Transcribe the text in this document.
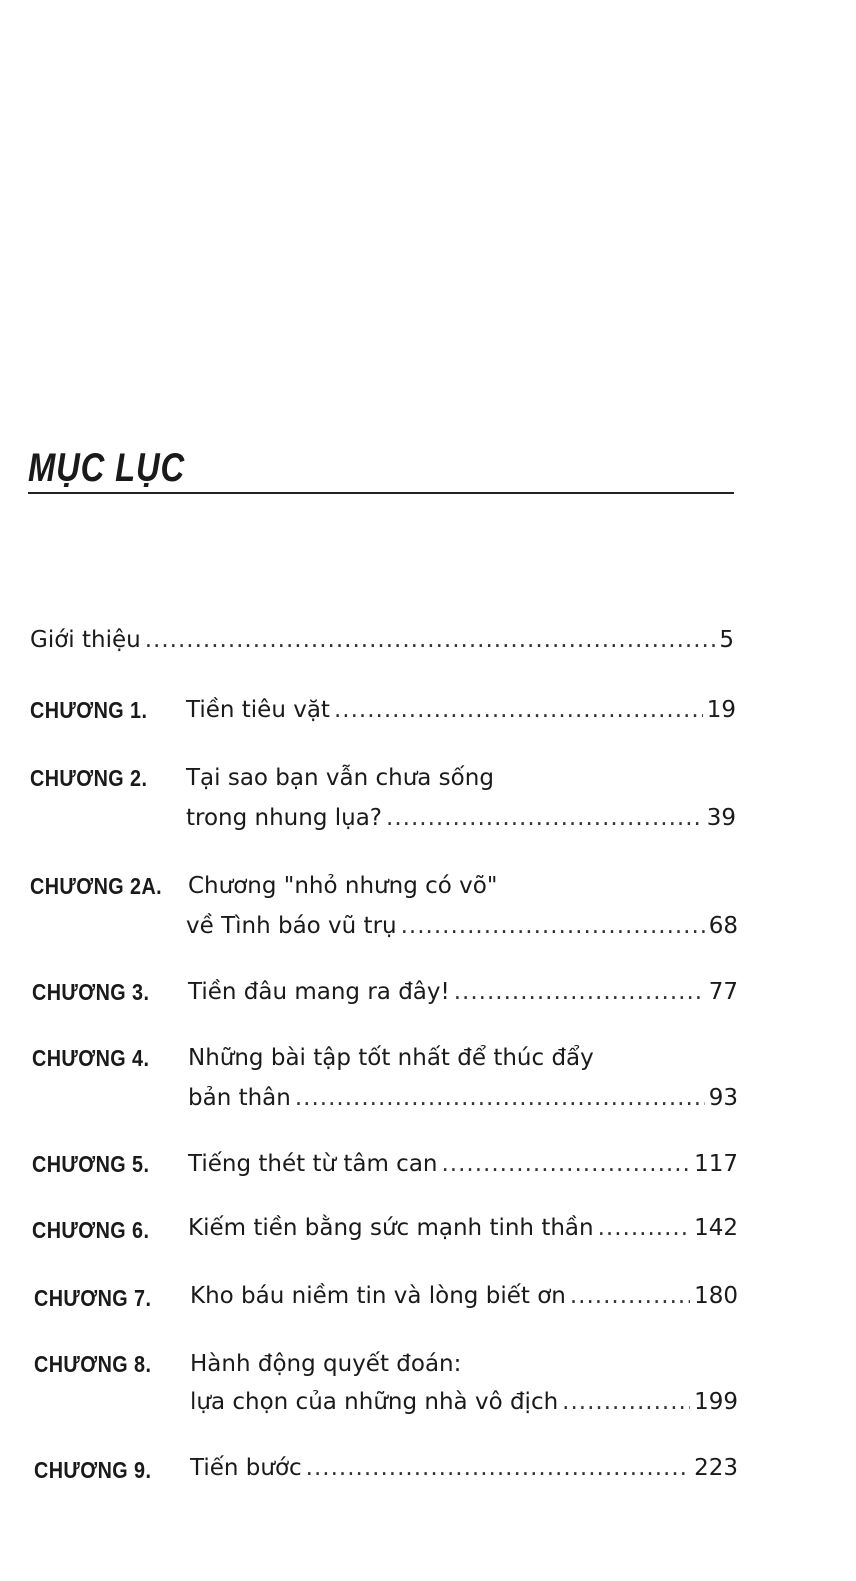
MỤC LỤC
Giới thiệu .....	5
CHƯƠNG 1. Tiền tiêu vặt .....	19
CHƯƠNG 2. Tại sao bạn vẫn chưa sống
trong nhung lụa? .....	39
CHƯƠNG 2A. Chương "nhỏ nhưng có võ"
về Tình báo vũ trụ .....	68
CHƯƠNG 3. Tiền đâu mang ra đây! .....	77
CHƯƠNG 4. Những bài tập tốt nhất để thúc đẩy
bản thân .....	93
CHƯƠNG 5. Tiếng thét từ tâm can .....	117
CHƯƠNG 6. Kiếm tiền bằng sức mạnh tinh thần .....	142
CHƯƠNG 7. Kho báu niềm tin và lòng biết ơn .....	180
CHƯƠNG 8. Hành động quyết đoán:
lựa chọn của những nhà vô địch .....	199
CHƯƠNG 9. Tiến bước .....	223
